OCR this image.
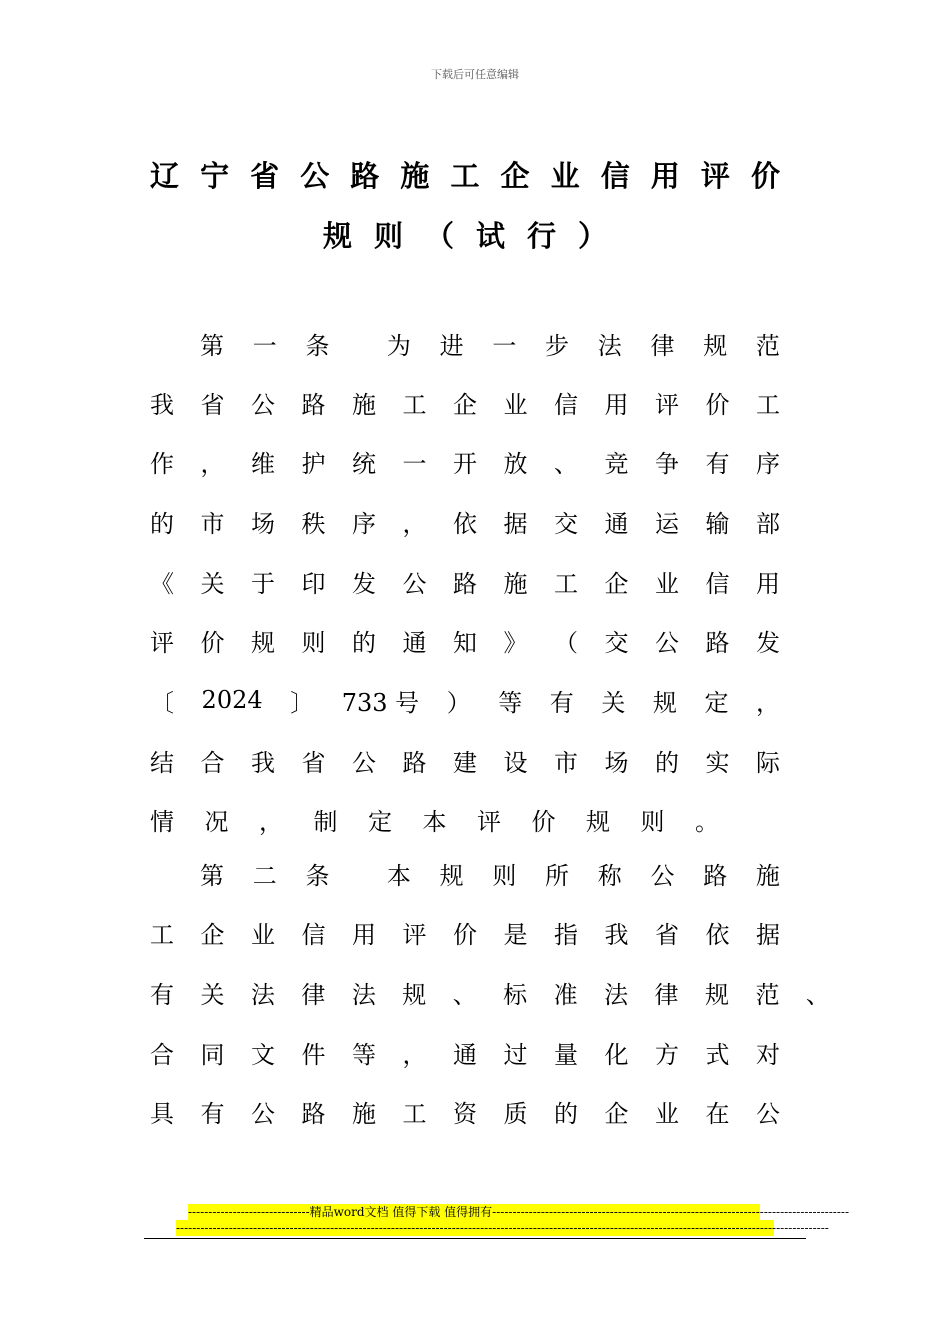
下载后可任意编辑
辽 宁 省 公 路 施 工 企 业 信 用 评 价
规 则 （ 试 行 ）
第 一 条 为 进 一 步 法 律 规 范
我 省 公 路 施 工 企 业 信 用 评 价 工
作 ， 维 护 统 一 开 放 、 竞 争 有 序
的 市 场 秩 序 ， 依 据 交 通 运 输 部
《 关 于 印 发 公 路 施 工 企 业 信 用
评 价 规 则 的 通 知 》 （ 交 公 路 发
〔 2024 〕 733 号 ） 等 有 关 规 定 ，
结 合 我 省 公 路 建 设 市 场 的 实 际
情 况 ， 制 定 本 评 价 规 则 。
第 二 条 本 规 则 所 称 公 路 施
工 企 业 信 用 评 价 是 指 我 省 依 据
有 关 法 律 法 规 、 标 准 法 律 规 范 、
合 同 文 件 等 ， 通 过 量 化 方 式 对
具 有 公 路 施 工 资 质 的 企 业 在 公
------------------------------精品word文档 值得下载 值得拥有----------------------------------------------------------------------------------------
-----------------------------------------------------------------------------------------------------------------------------------------------------------------
